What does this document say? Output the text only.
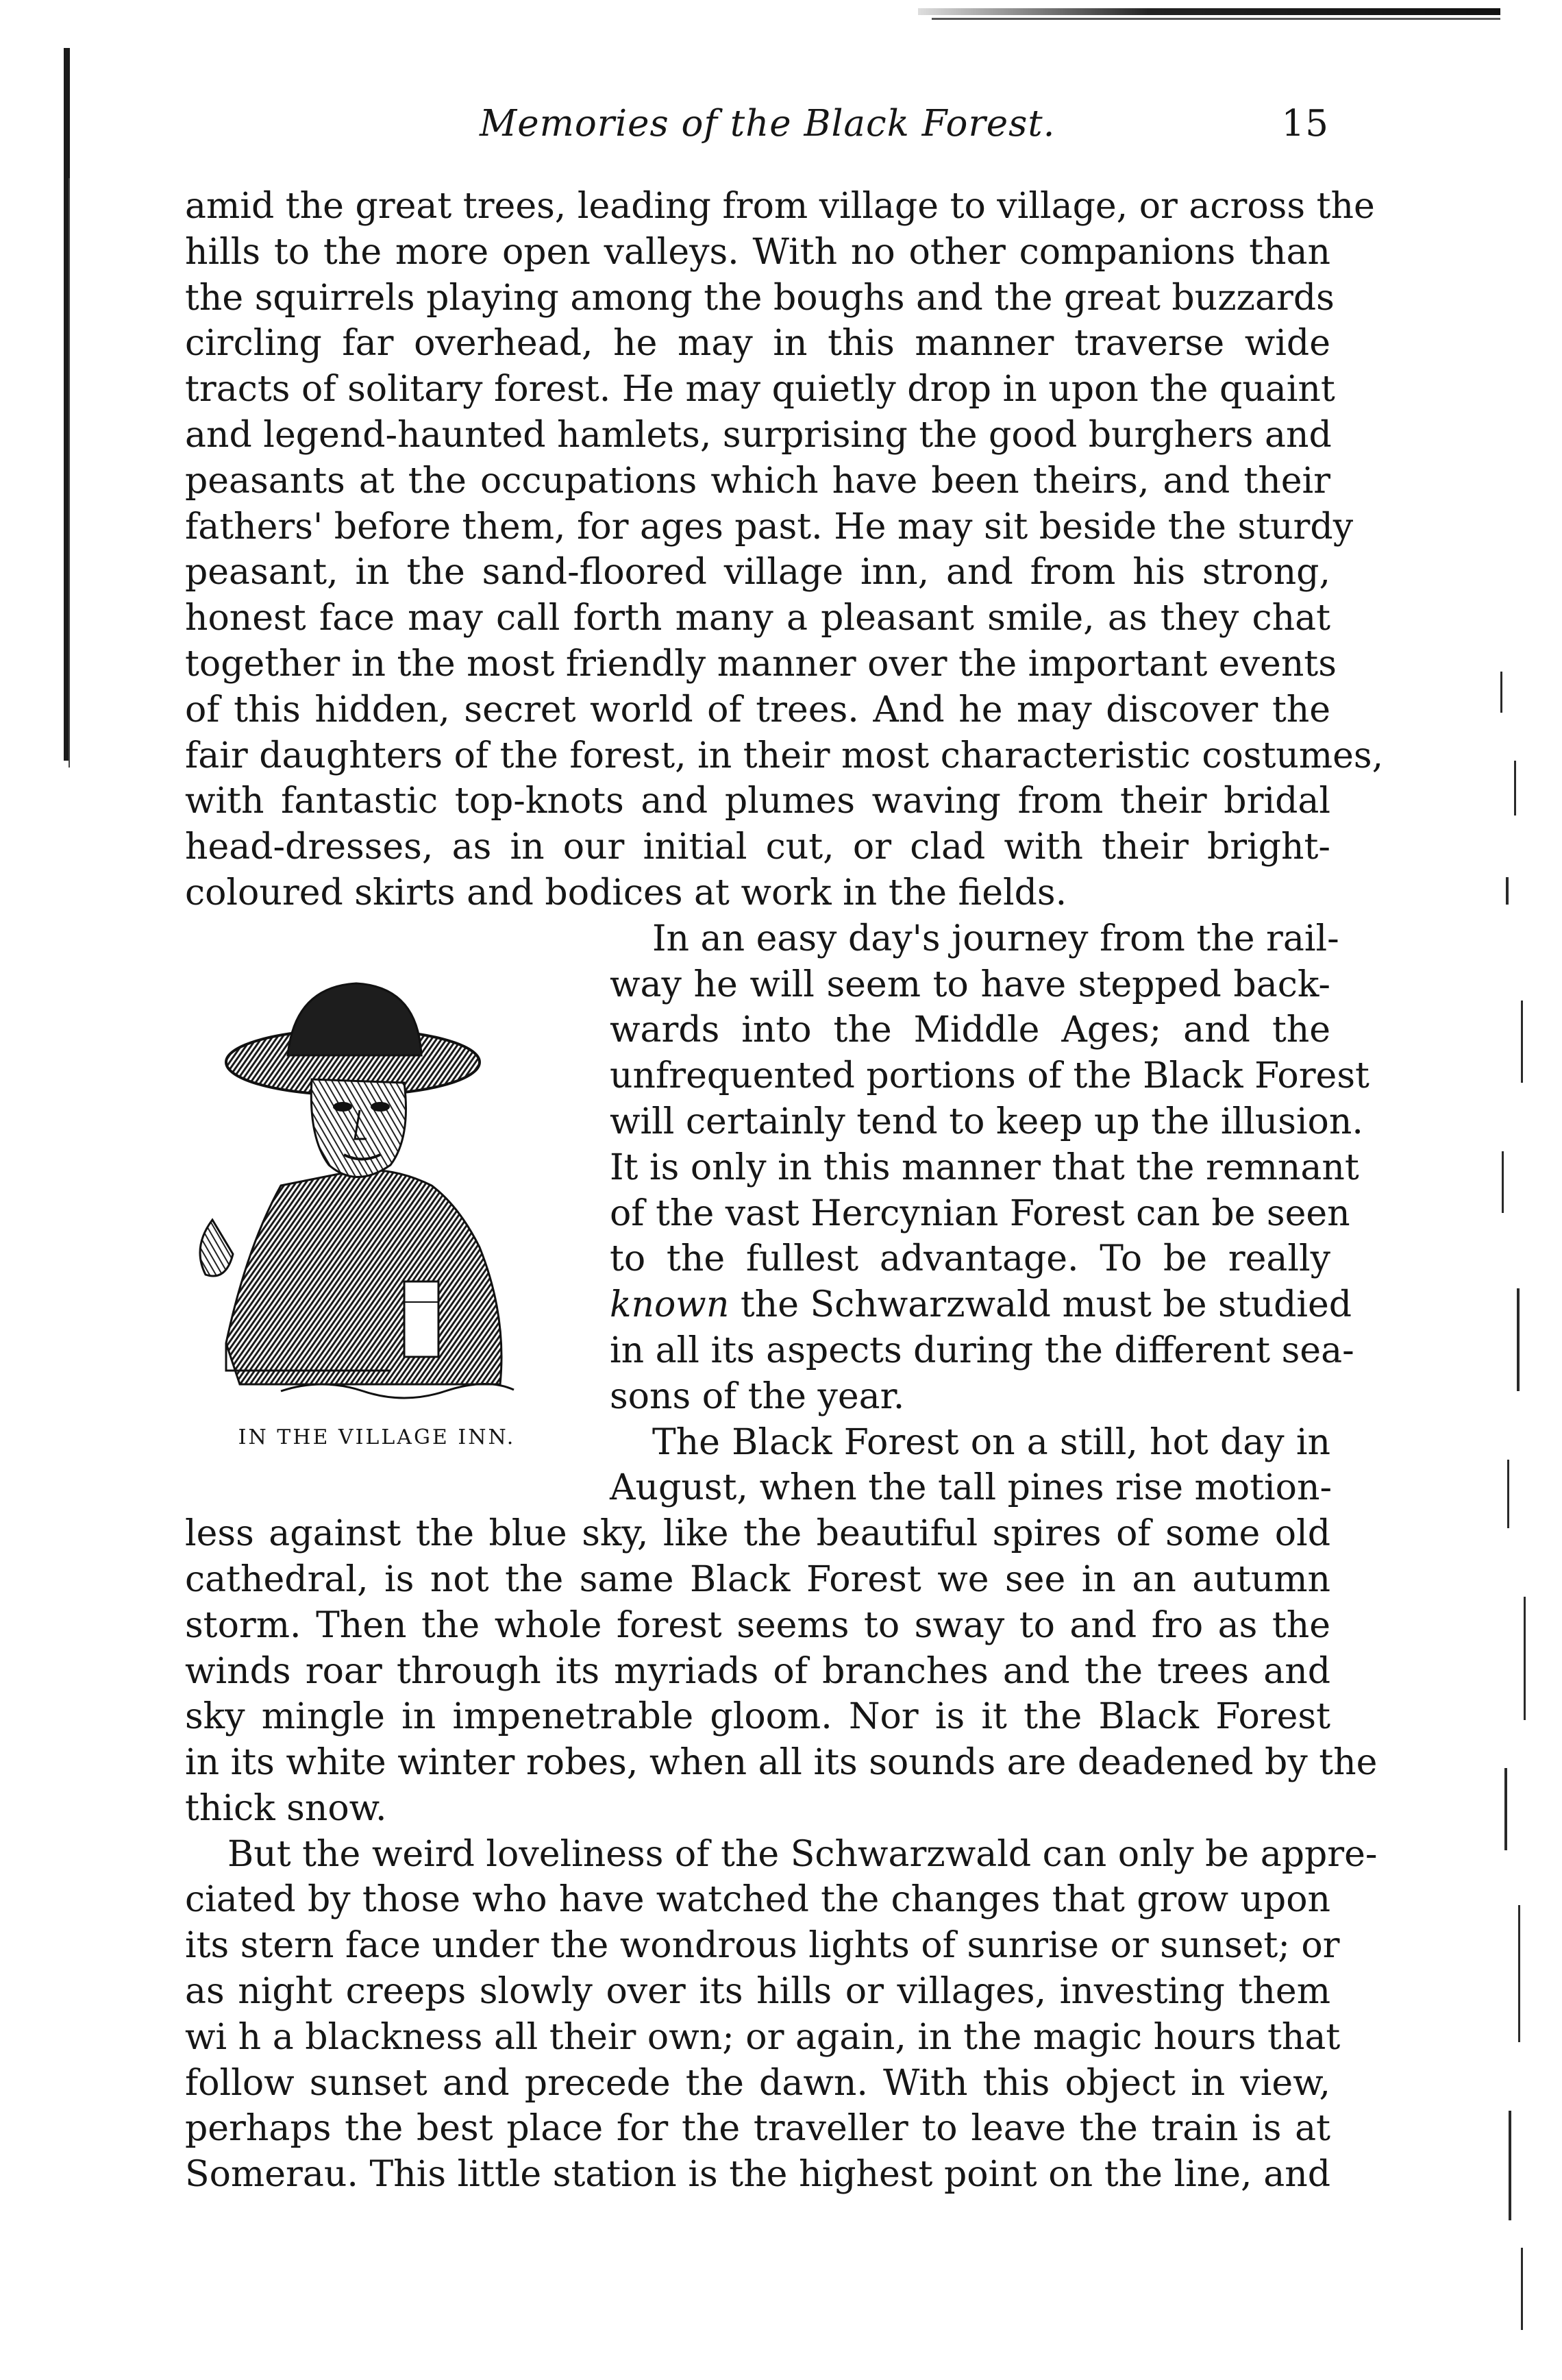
Memories of the Black Forest.	15
amid the great trees, leading from village to village, or across the
hills to the more open valleys. With no other companions than
the squirrels playing among the boughs and the great buzzards
circling far overhead, he may in this manner traverse wide
tracts of solitary forest. He may quietly drop in upon the quaint
and legend-haunted hamlets, surprising the good burghers and
peasants at the occupations which have been theirs, and their
fathers' before them, for ages past. He may sit beside the sturdy
peasant, in the sand-floored village inn, and from his strong,
honest face may call forth many a pleasant smile, as they chat
together in the most friendly manner over the important events
of this hidden, secret world of trees. And he may discover the
fair daughters of the forest, in their most characteristic costumes,
with fantastic top-knots and plumes waving from their bridal
head-dresses, as in our initial cut, or clad with their bright-
coloured skirts and bodices at work in the fields.
In an easy day's journey from the rail-
way he will seem to have stepped back-
wards into the Middle Ages; and the
unfrequented portions of the Black Forest
will certainly tend to keep up the illusion.
It is only in this manner that the remnant
of the vast Hercynian Forest can be seen
to the fullest advantage. To be really
known the Schwarzwald must be studied
in all its aspects during the different sea-
sons of the year.
The Black Forest on a still, hot day in
August, when the tall pines rise motion-
less against the blue sky, like the beautiful spires of some old
cathedral, is not the same Black Forest we see in an autumn
storm. Then the whole forest seems to sway to and fro as the
winds roar through its myriads of branches and the trees and
sky mingle in impenetrable gloom. Nor is it the Black Forest
in its white winter robes, when all its sounds are deadened by the
thick snow.
But the weird loveliness of the Schwarzwald can only be appre-
ciated by those who have watched the changes that grow upon
its stern face under the wondrous lights of sunrise or sunset; or
as night creeps slowly over its hills or villages, investing them
wi h a blackness all their own; or again, in the magic hours that
follow sunset and precede the dawn. With this object in view,
perhaps the best place for the traveller to leave the train is at
Somerau. This little station is the highest point on the line, and
IN THE VILLAGE INN.
